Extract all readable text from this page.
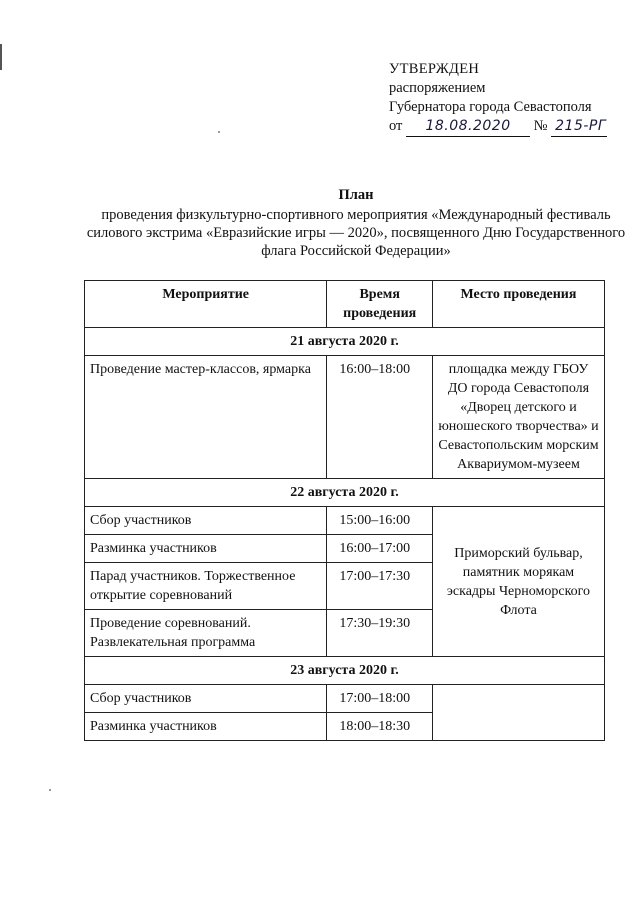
УТВЕРЖДЕН
распоряжением
Губернатора города Севастополя
от 18.08.2020 № 215-РГ
План
проведения физкультурно-спортивного мероприятия «Международный фестиваль силового экстрима «Евразийские игры — 2020», посвященного Дню Государственного флага Российской Федерации»
Мероприятие	Время проведения	Место проведения
21 августа 2020 г.		
Проведение мастер-классов, ярмарка	16:00–18:00	площадка между ГБОУ ДО города Севастополя «Дворец детского и юношеского творчества» и Севастопольским морским Аквариумом-музеем
22 августа 2020 г.		
Сбор участников	15:00–16:00	Приморский бульвар, памятник морякам эскадры Черноморского Флота
Разминка участников	16:00–17:00	
Парад участников. Торжественное открытие соревнований	17:00–17:30	
Проведение соревнований. Развлекательная программа	17:30–19:30	
23 августа 2020 г.		
Сбор участников	17:00–18:00	
Разминка участников	18:00–18:30	
